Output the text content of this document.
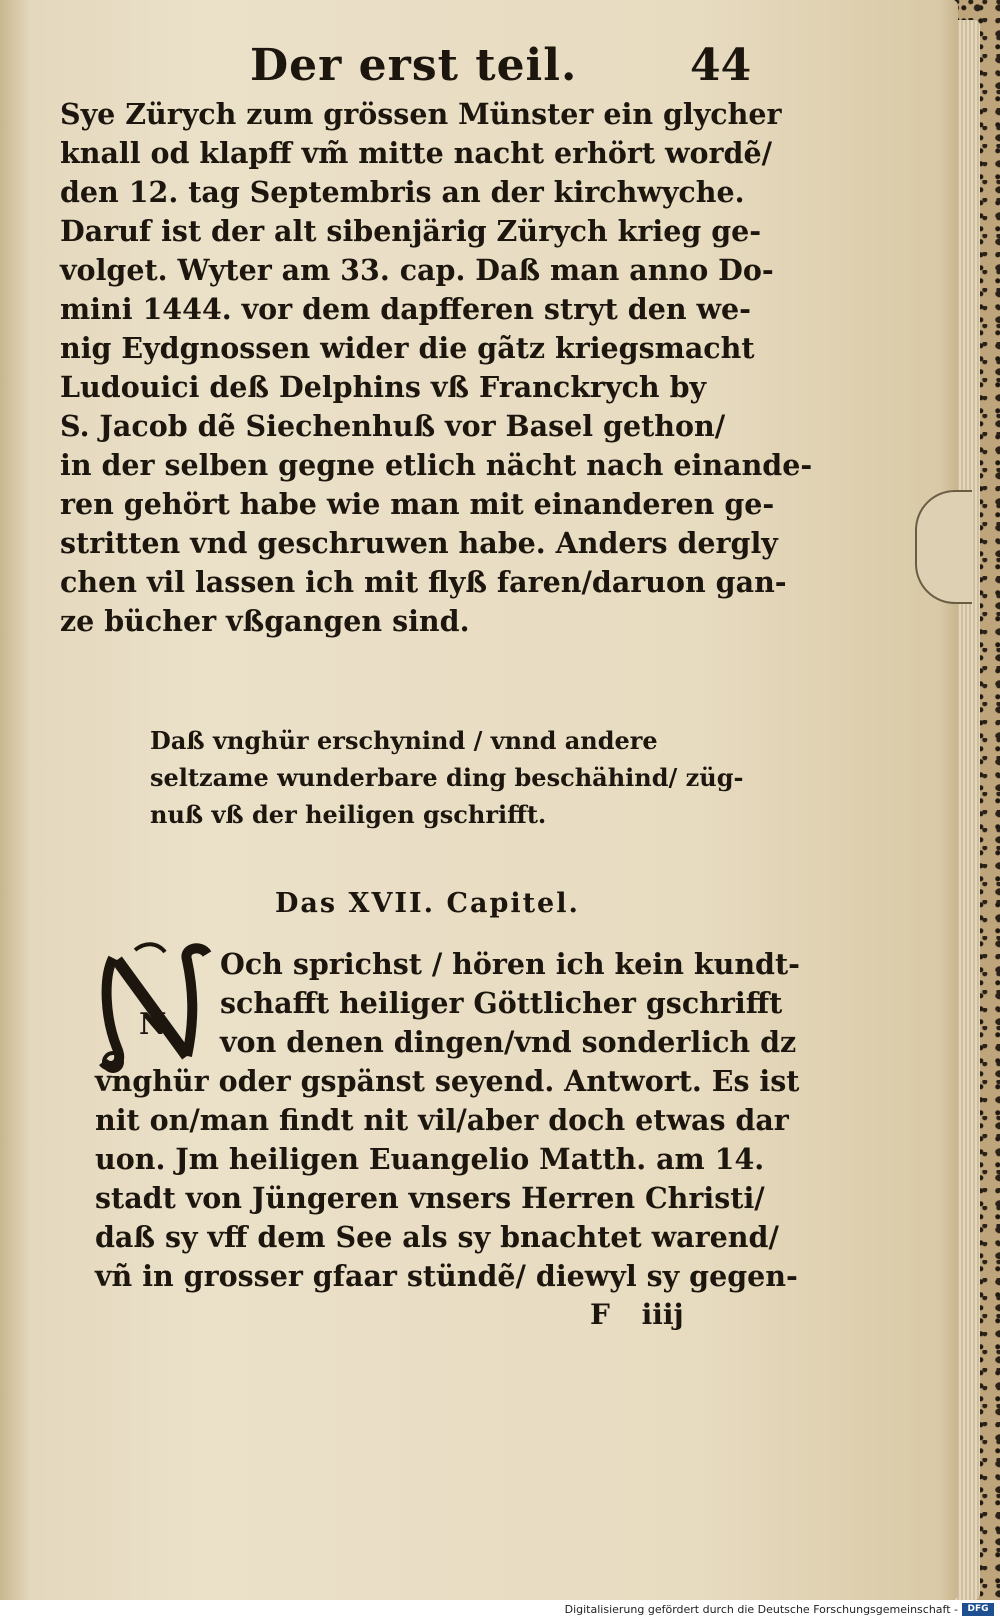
Der erst teil.	44
Sye Zürych zum grössen Münster ein glycher
knall od klapff vm̃ mitte nacht erhört wordẽ/
den 12. tag Septembris an der kirchwyche.
Daruf ist der alt sibenjärig Zürych krieg ge-
volget. Wyter am 33. cap. Daß man anno Do-
mini 1444. vor dem dapfferen stryt den we-
nig Eydgnossen wider die gãtz kriegsmacht
Ludouici deß Delphins vß Franckrych by
S. Jacob dẽ Siechenhuß vor Basel gethon/
in der selben gegne etlich nächt nach einande-
ren gehört habe wie man mit einanderen ge-
stritten vnd geschruwen habe. Anders dergly
chen vil lassen ich mit flyß faren/daruon gan-
ze bücher vßgangen sind.
Daß vnghür erschynind / vnnd andere
seltzame wunderbare ding beschähind/ züg-
nuß vß der heiligen gschrifft.
Das XVII. Capitel.
N
Och sprichst / hören ich kein kundt-
schafft heiliger Göttlicher gschrifft
von denen dingen/vnd sonderlich dz
vnghür oder gspänst seyend. Antwort. Es ist
nit on/man findt nit vil/aber doch etwas dar
uon. Jm heiligen Euangelio Matth. am 14.
stadt von Jüngeren vnsers Herren Christi/
daß sy vff dem See als sy bnachtet warend/
vñ in grosser gfaar stündẽ/ diewyl sy gegen-
F iiij
Digitalisierung gefördert durch die Deutsche Forschungsgemeinschaft -	DFG
